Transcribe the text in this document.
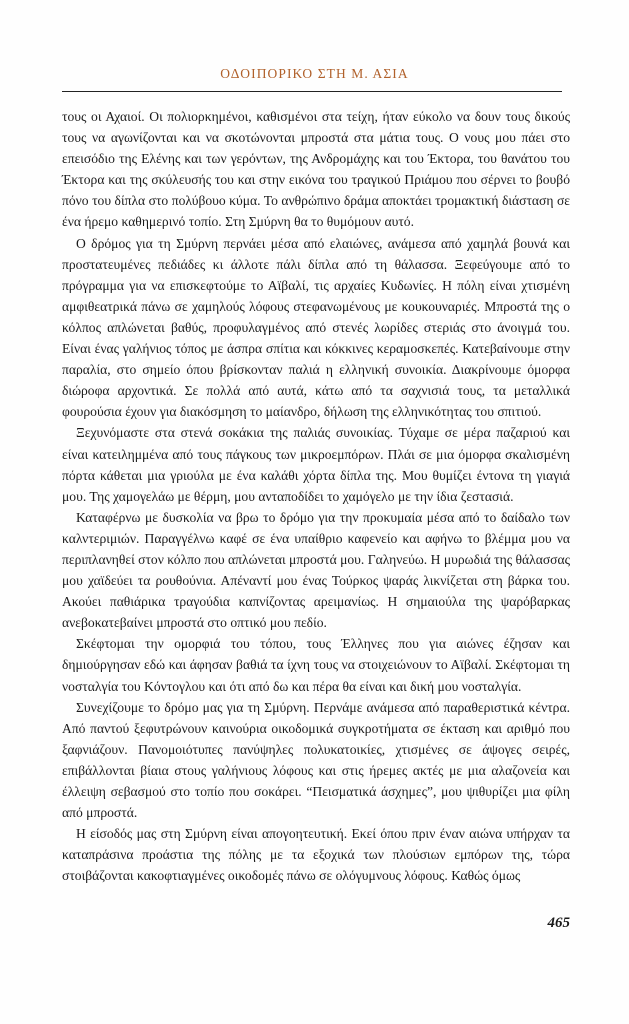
ΟΔΟΙΠΟΡΙΚΟ ΣΤΗ Μ. ΑΣΙΑ

τους οι Αχαιοί. Οι πολιορκημένοι, καθισμένοι στα τείχη, ήταν εύκολο να δουν τους δικούς τους να αγωνίζονται και να σκοτώνονται μπροστά στα μάτια τους. Ο νους μου πάει στο επεισόδιο της Ελένης και των γερόντων, της Ανδρομάχης και του Έκτορα, του θανάτου του Έκτορα και της σκύλευσής του και στην εικόνα του τραγικού Πριάμου που σέρνει το βουβό πόνο του δίπλα στο πολύβουο κύμα. Το ανθρώπινο δράμα αποκτάει τρομακτική διάσταση σε ένα ήρεμο καθημερινό τοπίο. Στη Σμύρνη θα το θυμόμουν αυτό.

Ο δρόμος για τη Σμύρνη περνάει μέσα από ελαιώνες, ανάμεσα από χαμηλά βουνά και προστατευμένες πεδιάδες κι άλλοτε πάλι δίπλα από τη θάλασσα. Ξεφεύγουμε από το πρόγραμμα για να επισκεφτούμε το Αϊβαλί, τις αρχαίες Κυδωνίες. Η πόλη είναι χτισμένη αμφιθεατρικά πάνω σε χαμηλούς λόφους στεφανωμένους με κουκουναριές. Μπροστά της ο κόλπος απλώνεται βαθύς, προφυλαγμένος από στενές λωρίδες στεριάς στο άνοιγμά του. Είναι ένας γαλήνιος τόπος με άσπρα σπίτια και κόκκινες κεραμοσκεπές. Κατεβαίνουμε στην παραλία, στο σημείο όπου βρίσκονταν παλιά η ελληνική συνοικία. Διακρίνουμε όμορφα διώροφα αρχοντικά. Σε πολλά από αυτά, κάτω από τα σαχνισιά τους, τα μεταλλικά φουρούσια έχουν για διακόσμηση το μαίανδρο, δήλωση της ελληνικότητας του σπιτιού.

Ξεχυνόμαστε στα στενά σοκάκια της παλιάς συνοικίας. Τύχαμε σε μέρα παζαριού και είναι κατειλημμένα από τους πάγκους των μικροεμπόρων. Πλάι σε μια όμορφα σκαλισμένη πόρτα κάθεται μια γριούλα με ένα καλάθι χόρτα δίπλα της. Μου θυμίζει έντονα τη γιαγιά μου. Της χαμογελάω με θέρμη, μου ανταποδίδει το χαμόγελο με την ίδια ζεστασιά.

Καταφέρνω με δυσκολία να βρω το δρόμο για την προκυμαία μέσα από το δαίδαλο των καλντεριμιών. Παραγγέλνω καφέ σε ένα υπαίθριο καφενείο και αφήνω το βλέμμα μου να περιπλανηθεί στον κόλπο που απλώνεται μπροστά μου. Γαληνεύω. Η μυρωδιά της θάλασσας μου χαϊδεύει τα ρουθούνια. Απέναντί μου ένας Τούρκος ψαράς λικνίζεται στη βάρκα του. Ακούει παθιάρικα τραγούδια καπνίζοντας αρειμανίως. Η σημαιούλα της ψαρόβαρκας ανεβοκατεβαίνει μπροστά στο οπτικό μου πεδίο.

Σκέφτομαι την ομορφιά του τόπου, τους Έλληνες που για αιώνες έζησαν και δημιούργησαν εδώ και άφησαν βαθιά τα ίχνη τους να στοιχειώνουν το Αϊβαλί. Σκέφτομαι τη νοσταλγία του Κόντογλου και ότι από δω και πέρα θα είναι και δική μου νοσταλγία.

Συνεχίζουμε το δρόμο μας για τη Σμύρνη. Περνάμε ανάμεσα από παραθεριστικά κέντρα. Από παντού ξεφυτρώνουν καινούρια οικοδομικά συγκροτήματα σε έκταση και αριθμό που ξαφνιάζουν. Πανομοιότυπες πανύψηλες πολυκατοικίες, χτισμένες σε άψογες σειρές, επιβάλλονται βίαια στους γαλήνιους λόφους και στις ήρεμες ακτές με μια αλαζονεία και έλλειψη σεβασμού στο τοπίο που σοκάρει. “Πεισματικά άσχημες”, μου ψιθυρίζει μια φίλη από μπροστά.

Η είσοδός μας στη Σμύρνη είναι απογοητευτική. Εκεί όπου πριν έναν αιώνα υπήρχαν τα καταπράσινα προάστια της πόλης με τα εξοχικά των πλούσιων εμπόρων της, τώρα στοιβάζονται κακοφτιαγμένες οικοδομές πάνω σε ολόγυμνους λόφους. Καθώς όμως

465
